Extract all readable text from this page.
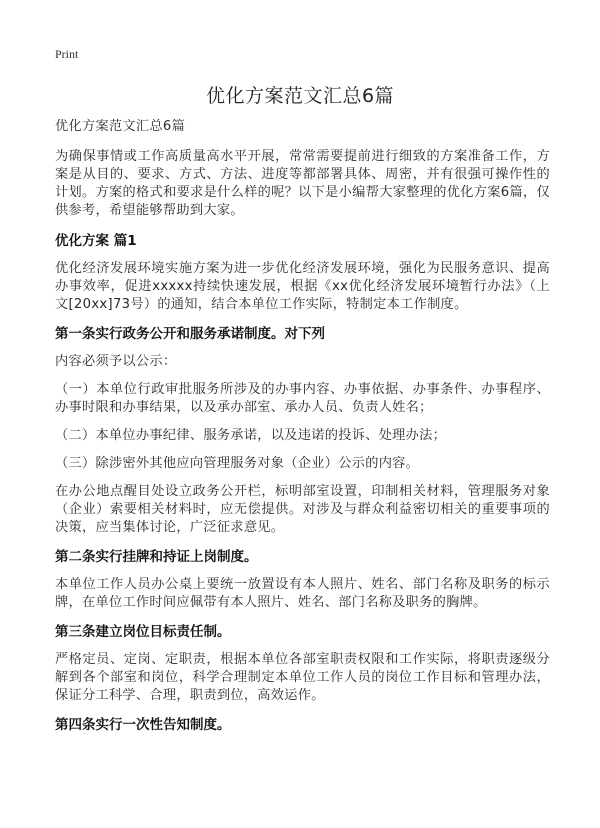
Print
优化方案范文汇总6篇

优化方案范文汇总6篇

为确保事情或工作高质量高水平开展，常常需要提前进行细致的方案准备工作，方案是从目的、要求、方式、方法、进度等都部署具体、周密，并有很强可操作性的计划。方案的格式和要求是什么样的呢？以下是小编帮大家整理的优化方案6篇，仅供参考，希望能够帮助到大家。

优化方案 篇1

优化经济发展环境实施方案为进一步优化经济发展环境，强化为民服务意识、提高办事效率，促进xxxxx持续快速发展，根据《xx优化经济发展环境暂行办法》（上文[20xx]73号）的通知，结合本单位工作实际，特制定本工作制度。

第一条实行政务公开和服务承诺制度。对下列

内容必须予以公示：

（一）本单位行政审批服务所涉及的办事内容、办事依据、办事条件、办事程序、办事时限和办事结果，以及承办部室、承办人员、负责人姓名；

（二）本单位办事纪律、服务承诺，以及违诺的投诉、处理办法；

（三）除涉密外其他应向管理服务对象（企业）公示的内容。

在办公地点醒目处设立政务公开栏，标明部室设置，印制相关材料，管理服务对象（企业）索要相关材料时，应无偿提供。对涉及与群众利益密切相关的重要事项的决策，应当集体讨论，广泛征求意见。

第二条实行挂牌和持证上岗制度。

本单位工作人员办公桌上要统一放置设有本人照片、姓名、部门名称及职务的标示牌，在单位工作时间应佩带有本人照片、姓名、部门名称及职务的胸牌。

第三条建立岗位目标责任制。

严格定员、定岗、定职责，根据本单位各部室职责权限和工作实际，将职责逐级分解到各个部室和岗位，科学合理制定本单位工作人员的岗位工作目标和管理办法，保证分工科学、合理，职责到位，高效运作。

第四条实行一次性告知制度。
